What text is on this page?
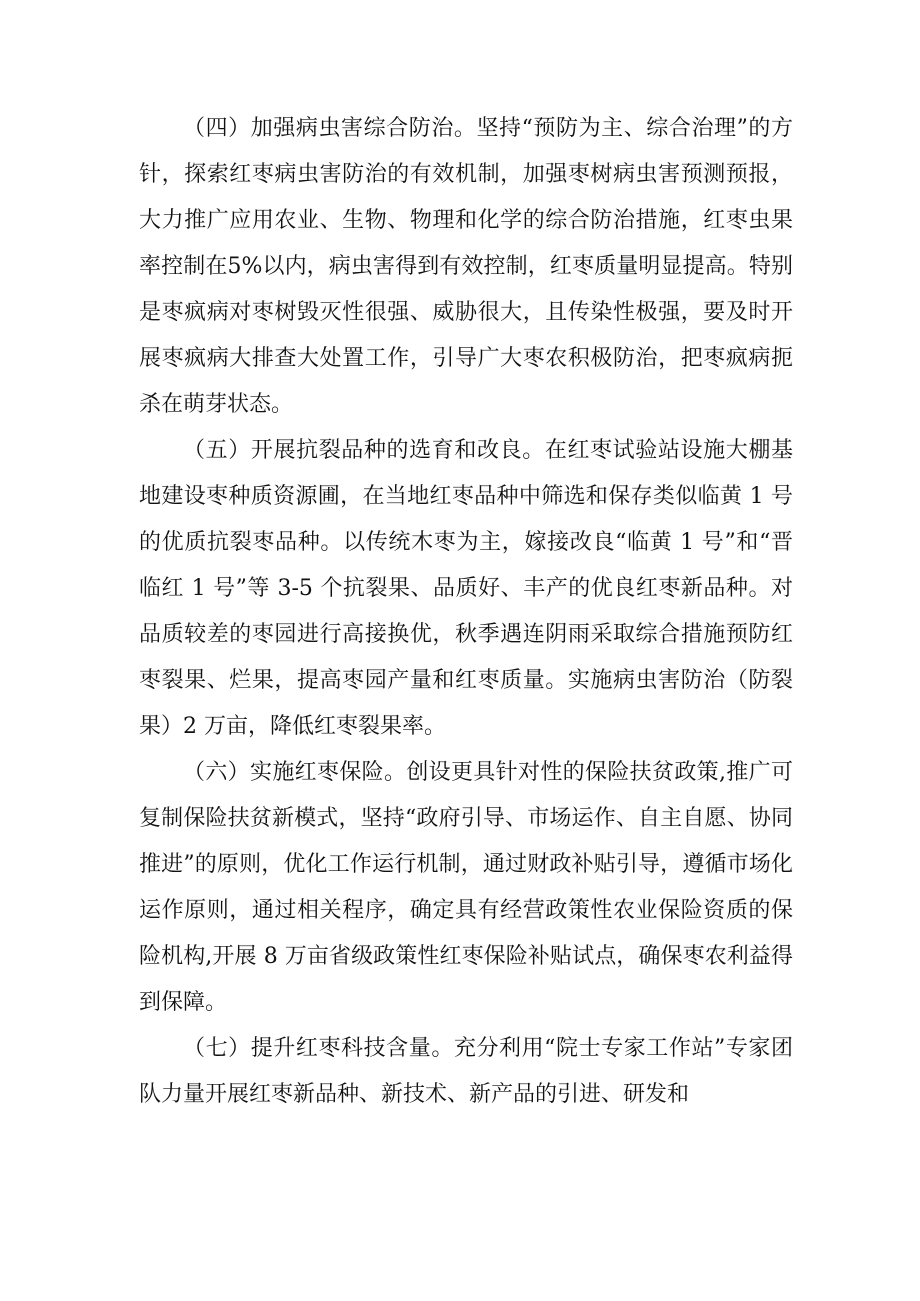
（四）加强病虫害综合防治。坚持“预防为主、综合治理”的方针，探索红枣病虫害防治的有效机制，加强枣树病虫害预测预报，大力推广应用农业、生物、物理和化学的综合防治措施，红枣虫果率控制在5%以内，病虫害得到有效控制，红枣质量明显提高。特别是枣疯病对枣树毁灭性很强、威胁很大，且传染性极强，要及时开展枣疯病大排查大处置工作，引导广大枣农积极防治，把枣疯病扼杀在萌芽状态。

（五）开展抗裂品种的选育和改良。在红枣试验站设施大棚基地建设枣种质资源圃，在当地红枣品种中筛选和保存类似临黄 1 号的优质抗裂枣品种。以传统木枣为主，嫁接改良“临黄 1 号”和“晋临红 1 号”等 3-5 个抗裂果、品质好、丰产的优良红枣新品种。对品质较差的枣园进行高接换优，秋季遇连阴雨采取综合措施预防红枣裂果、烂果，提高枣园产量和红枣质量。实施病虫害防治（防裂果）2 万亩，降低红枣裂果率。

（六）实施红枣保险。创设更具针对性的保险扶贫政策,推广可复制保险扶贫新模式，坚持“政府引导、市场运作、自主自愿、协同推进”的原则，优化工作运行机制，通过财政补贴引导，遵循市场化运作原则，通过相关程序，确定具有经营政策性农业保险资质的保险机构,开展 8 万亩省级政策性红枣保险补贴试点，确保枣农利益得到保障。

（七）提升红枣科技含量。充分利用“院士专家工作站”专家团队力量开展红枣新品种、新技术、新产品的引进、研发和
